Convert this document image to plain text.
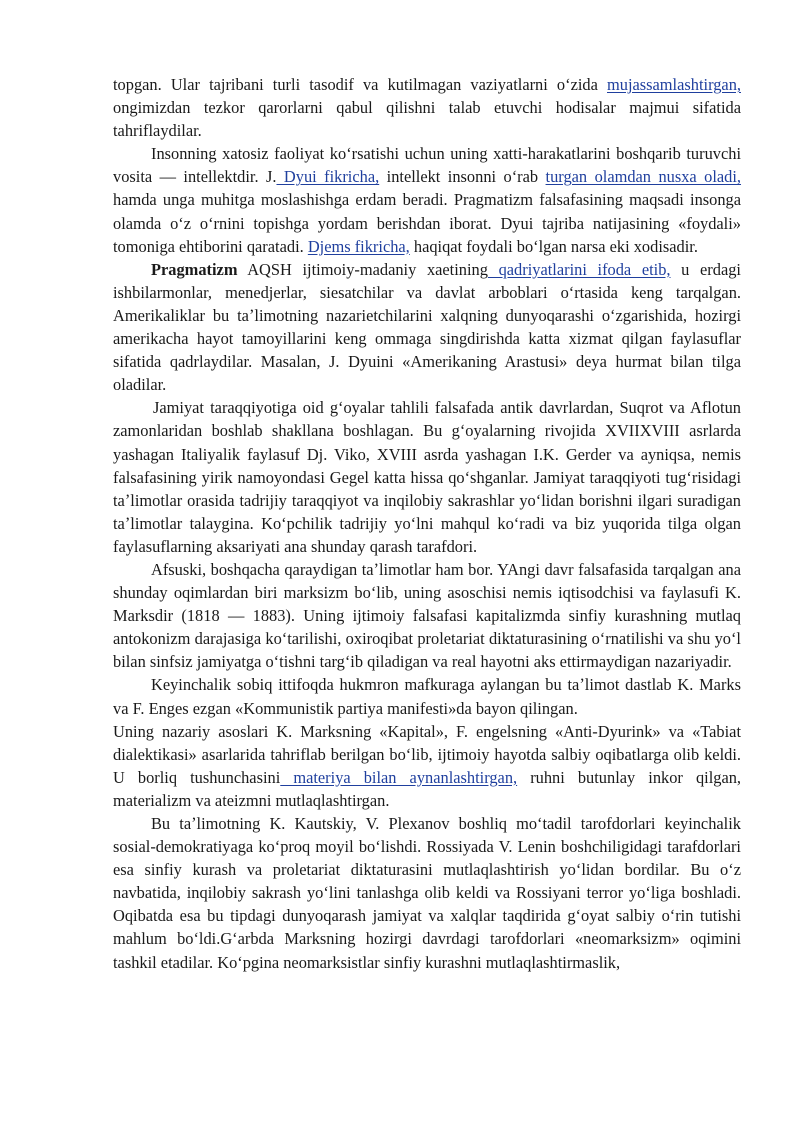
topgan. Ular tajribani turli tasodif va kutilmagan vaziyatlarni oʻzida mujassamlashtirgan, ongimizdan tezkor qarorlarni qabul qilishni talab etuvchi hodisalar majmui sifatida tahriflaydilar.

Insonning xatosiz faoliyat koʻrsatishi uchun uning xatti-harakatlarini boshqarib turuvchi vosita — intellektdir. J. Dyui fikricha, intellekt insonni oʻrab turgan olamdan nusxa oladi, hamda unga muhitga moslashishga erdam beradi. Pragmatizm falsafasining maqsadi insonga olamda oʻz oʻrnini topishga yordam berishdan iborat. Dyui tajriba natijasining «foydali» tomoniga ehtiborini qaratadi. Djems fikricha, haqiqat foydali boʻlgan narsa eki xodisadir.

Pragmatizm AQSH ijtimoiy-madaniy xaetining qadriyatlarini ifoda etib, u erdagi ishbilarmonlar, menedjerlar, siesatchilar va davlat arboblari oʻrtasida keng tarqalgan. Amerikaliklar bu taʼlimotning nazarietchilarini xalqning dunyoqarashi oʻzgarishida, hozirgi amerikacha hayot tamoyillarini keng ommaga singdirishda katta xizmat qilgan faylasuflar sifatida qadrlaydilar. Masalan, J. Dyuini «Amerikaning Arastusi» deya hurmat bilan tilga oladilar.

Jamiyat taraqqiyotiga oid gʻoyalar tahlili falsafada antik davrlardan, Suqrot va Aflotun zamonlaridan boshlab shakllana boshlagan. Bu gʻoyalarning rivojida XVIIXVIII asrlarda yashagan Italiyalik faylasuf Dj. Viko, XVIII asrda yashagan I.K. Gerder va ayniqsa, nemis falsafasining yirik namoyondasi Gegel katta hissa qoʻshganlar. Jamiyat taraqqiyoti tugʻrisidagi taʼlimotlar orasida tadrijiy taraqqiyot va inqilobiy sakrashlar yoʻlidan borishni ilgari suradigan taʼlimotlar talaygina. Koʻpchilik tadrijiy yoʻlni mahqul koʻradi va biz yuqorida tilga olgan faylasuflarning aksariyati ana shunday qarash tarafdori.

Afsuski, boshqacha qaraydigan taʼlimotlar ham bor. YAngi davr falsafasida tarqalgan ana shunday oqimlardan biri marksizm boʻlib, uning asoschisi nemis iqtisodchisi va faylasufi K. Marksdir (1818 — 1883). Uning ijtimoiy falsafasi kapitalizmda sinfiy kurashning mutlaq antokonizm darajasiga koʻtarilishi, oxiroqibat proletariat diktaturasining oʻrnatilishi va shu yoʻl bilan sinfsiz jamiyatga oʻtishni targʻib qiladigan va real hayotni aks ettirmaydigan nazariyadir.

Keyinchalik sobiq ittifoqda hukmron mafkuraga aylangan bu taʼlimot dastlab K. Marks va F. Enges ezgan «Kommunistik partiya manifesti»da bayon qilingan.

Uning nazariy asoslari K. Marksning «Kapital», F. engelsning «Anti-Dyurink» va «Tabiat dialektikasi» asarlarida tahriflab berilgan boʻlib, ijtimoiy hayotda salbiy oqibatlarga olib keldi. U borliq tushunchasini materiya bilan aynanlashtirgan, ruhni butunlay inkor qilgan, materializm va ateizmni mutlaqlashtirgan.

Bu taʼlimotning K. Kautskiy, V. Plexanov boshliq moʻtadil tarofdorlari keyinchalik sosial-demokratiyaga koʻproq moyil boʻlishdi. Rossiyada V. Lenin boshchiligidagi tarafdorlari esa sinfiy kurash va proletariat diktaturasini mutlaqlashtirish yoʻlidan bordilar. Bu oʻz navbatida, inqilobiy sakrash yoʻlini tanlashga olib keldi va Rossiyani terror yoʻliga boshladi. Oqibatda esa bu tipdagi dunyoqarash jamiyat va xalqlar taqdirida gʻoyat salbiy oʻrin tutishi mahlum boʻldi.Gʻarbda Marksning hozirgi davrdagi tarofdorlari «neomarksizm» oqimini tashkil etadilar. Koʻpgina neomarksistlar sinfiy kurashni mutlaqlashtirmaslik,
